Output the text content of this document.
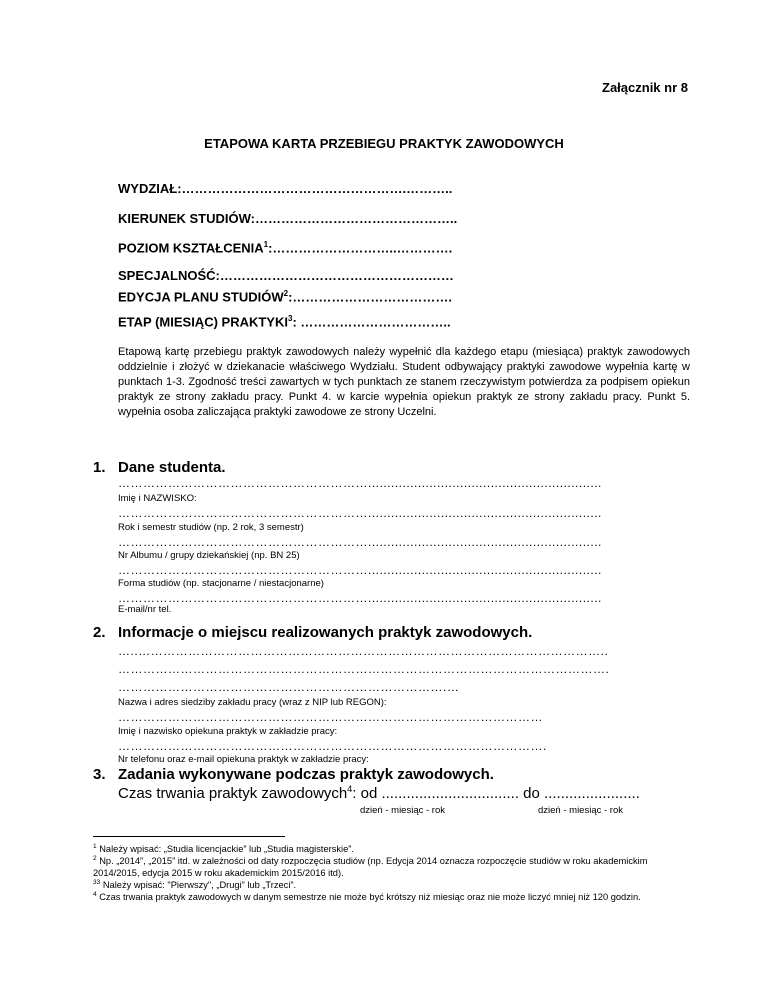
Załącznik nr 8
ETAPOWA KARTA PRZEBIEGU PRAKTYK ZAWODOWYCH
WYDZIAŁ:…………………………………………….………..
KIERUNEK STUDIÓW:………………………………………..
POZIOM KSZTAŁCENIA$^1$:………………………..………….
SPECJALNOŚĆ:………………………………………………
EDYCJA PLANU STUDIÓW$^2$:……………………………….
ETAP (MIESIĄC) PRAKTYKI$^3$: ……………………………..
Etapową kartę przebiegu praktyk zawodowych należy wypełnić dla każdego etapu (miesiąca) praktyk zawodowych oddzielnie i złożyć w dziekanacie właściwego Wydziału. Student odbywający praktyki zawodowe wypełnia kartę w punktach 1-3. Zgodność treści zawartych w tych punktach ze stanem rzeczywistym potwierdza za podpisem opiekun praktyk ze strony zakładu pracy. Punkt 4. w karcie wypełnia opiekun praktyk ze strony zakładu pracy. Punkt 5. wypełnia osoba zaliczająca praktyki zawodowe ze strony Uczelni.
1. Dane studenta.
…………………………………………………….............................................................
Imię i NAZWISKO:
…………………………………………………….............................................................
Rok i semestr studiów (np. 2 rok, 3 semestr)
…………………………………………………….............................................................
Nr Albumu / grupy dziekańskiej (np. BN 25)
…………………………………………………….............................................................
Forma studiów (np. stacjonarne / niestacjonarne)
…………………………………………………….............................................................
E-mail/nr tel.
2. Informacje o miejscu realizowanych praktyk zawodowych.
…..…………………………………………………………………………………………………..
……………………………………………………………………………………………………….
…………………………………………………………………….…
Nazwa i adres siedziby zakładu pracy (wraz z NIP lub REGON):
…………………………………………………………………………………………
Imię i nazwisko opiekuna praktyk w zakładzie pracy:
………………………………………………………………………………………….
Nr telefonu oraz e-mail opiekuna praktyk w zakładzie pracy:
3. Zadania wykonywane podczas praktyk zawodowych.
Czas trwania praktyk zawodowych$^4$: od ................................. do .......................
dzień - miesiąc - rok	dzień - miesiąc - rok
$^1$ Należy wpisać: „Studia licencjackie” lub „Studia magisterskie”.
$^2$ Np. „2014”, „2015” itd. w zależności od daty rozpoczęcia studiów (np. Edycja 2014 oznacza rozpoczęcie studiów w roku akademickim 2014/2015, edycja 2015 w roku akademickim 2015/2016 itd).
$^{33}$ Należy wpisać: "Pierwszy", „Drugi” lub „Trzeci”.
$^4$ Czas trwania praktyk zawodowych w danym semestrze nie może być krótszy niż miesiąc oraz nie może liczyć mniej niż 120 godzin.
